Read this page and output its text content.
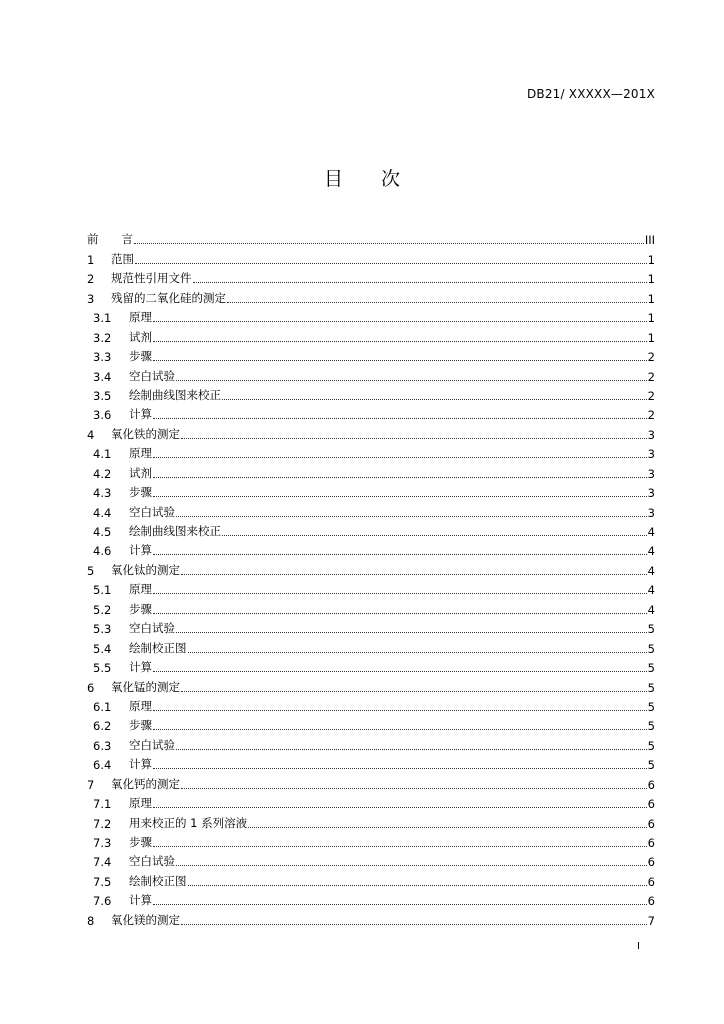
DB21/ XXXXX—201X
目 次
前　　言	III
1	范围	1
2	规范性引用文件	1
3	残留的二氧化硅的测定	1
3.1	原理	1
3.2	试剂	1
3.3	步骤	2
3.4	空白试验	2
3.5	绘制曲线图来校正	2
3.6	计算	2
4	氧化铁的测定	3
4.1	原理	3
4.2	试剂	3
4.3	步骤	3
4.4	空白试验	3
4.5	绘制曲线图来校正	4
4.6	计算	4
5	氧化钛的测定	4
5.1	原理	4
5.2	步骤	4
5.3	空白试验	5
5.4	绘制校正图	5
5.5	计算	5
6	氧化锰的测定	5
6.1	原理	5
6.2	步骤	5
6.3	空白试验	5
6.4	计算	5
7	氧化钙的测定	6
7.1	原理	6
7.2	用来校正的 1 系列溶液	6
7.3	步骤	6
7.4	空白试验	6
7.5	绘制校正图	6
7.6	计算	6
8	氧化镁的测定	7
I
